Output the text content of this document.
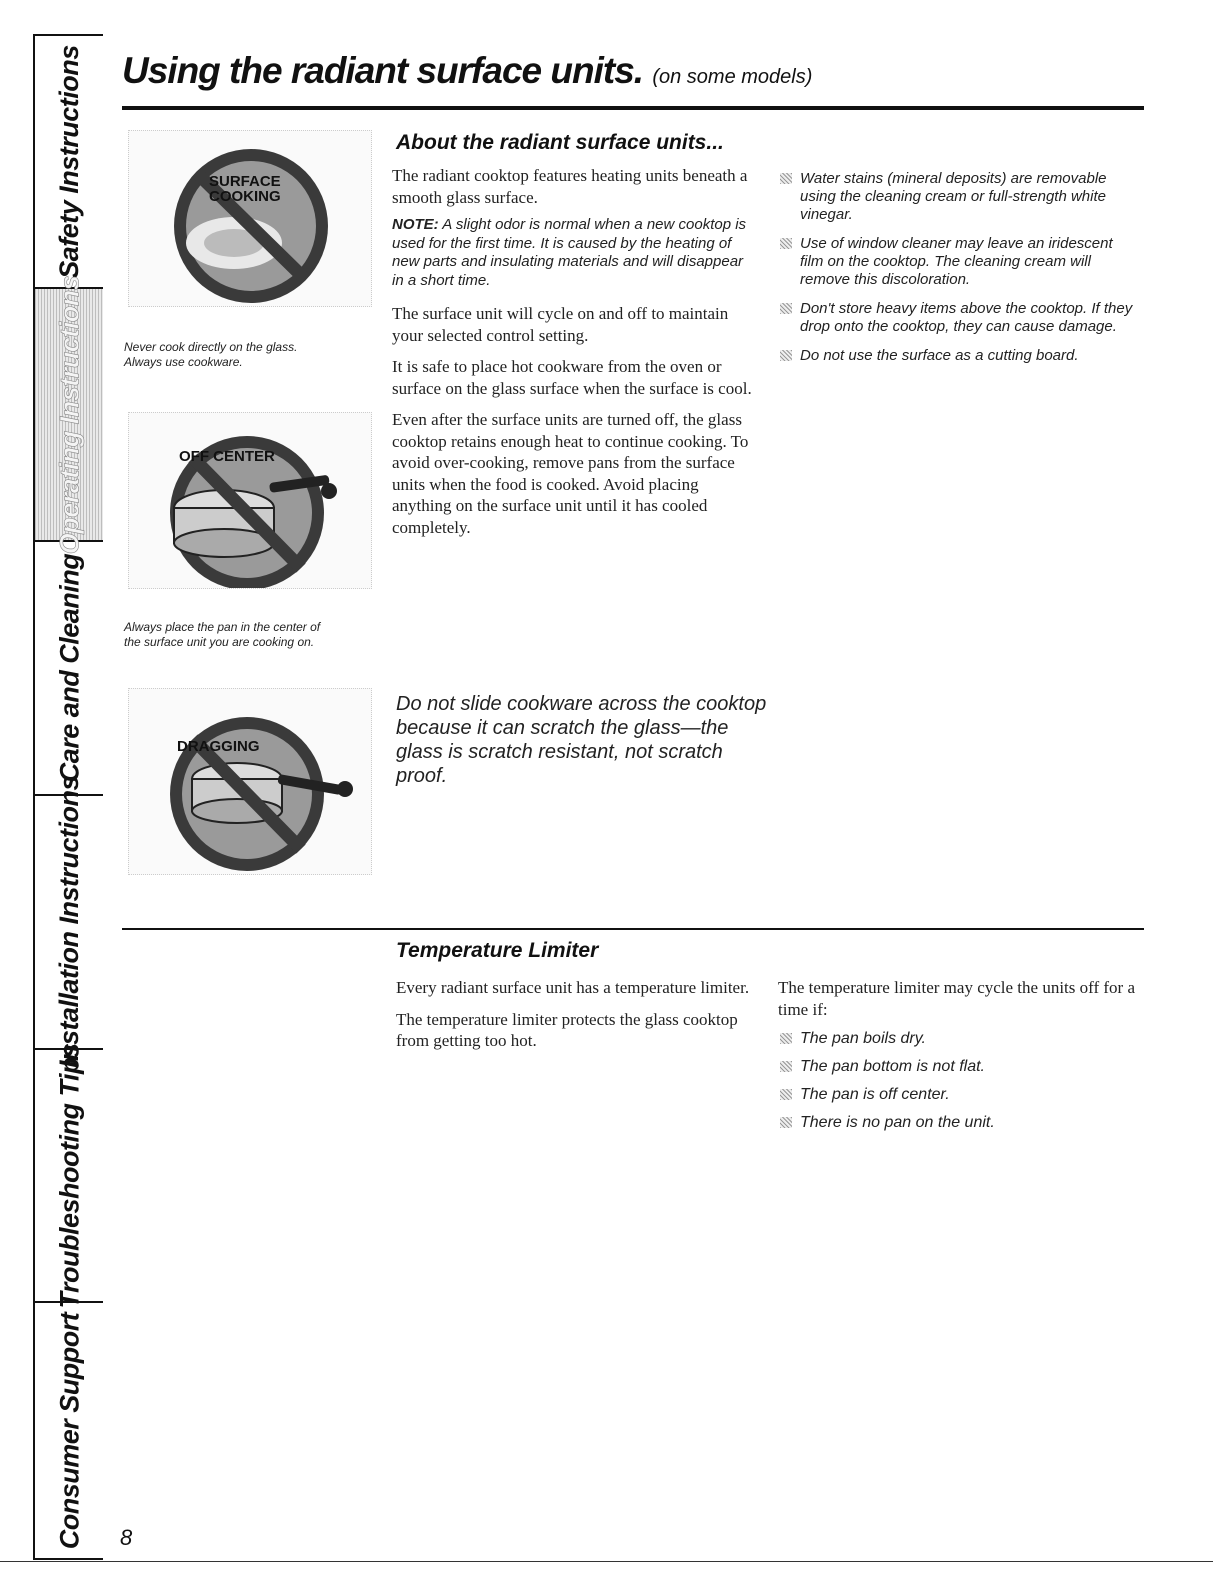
Safety Instructions
Operating Instructions
Care and Cleaning
Installation Instructions
Troubleshooting Tips
Consumer Support
Using the radiant surface units. (on some models)
SURFACE
COOKING
Never cook directly on the glass.
Always use cookware.
OFF CENTER
Always place the pan in the center of
the surface unit you are cooking on.
DRAGGING
About the radiant surface units...

The radiant cooktop features heating units beneath a smooth glass surface.

NOTE: A slight odor is normal when a new cooktop is used for the first time. It is caused by the heating of new parts and insulating materials and will disappear in a short time.

The surface unit will cycle on and off to maintain your selected control setting.

It is safe to place hot cookware from the oven or surface on the glass surface when the surface is cool.

Even after the surface units are turned off, the glass cooktop retains enough heat to continue cooking. To avoid over-cooking, remove pans from the surface units when the food is cooked. Avoid placing anything on the surface unit until it has cooled completely.

Water stains (mineral deposits) are removable using the cleaning cream or full-strength white vinegar.
Use of window cleaner may leave an iridescent film on the cooktop. The cleaning cream will remove this discoloration.
Don't store heavy items above the cooktop. If they drop onto the cooktop, they can cause damage.
Do not use the surface as a cutting board.
Do not slide cookware across the cooktop because it can scratch the glass—the glass is scratch resistant, not scratch proof.
Temperature Limiter

Every radiant surface unit has a temperature limiter.

The temperature limiter protects the glass cooktop from getting too hot.

The temperature limiter may cycle the units off for a time if:

The pan boils dry.
The pan bottom is not flat.
The pan is off center.
There is no pan on the unit.
8
